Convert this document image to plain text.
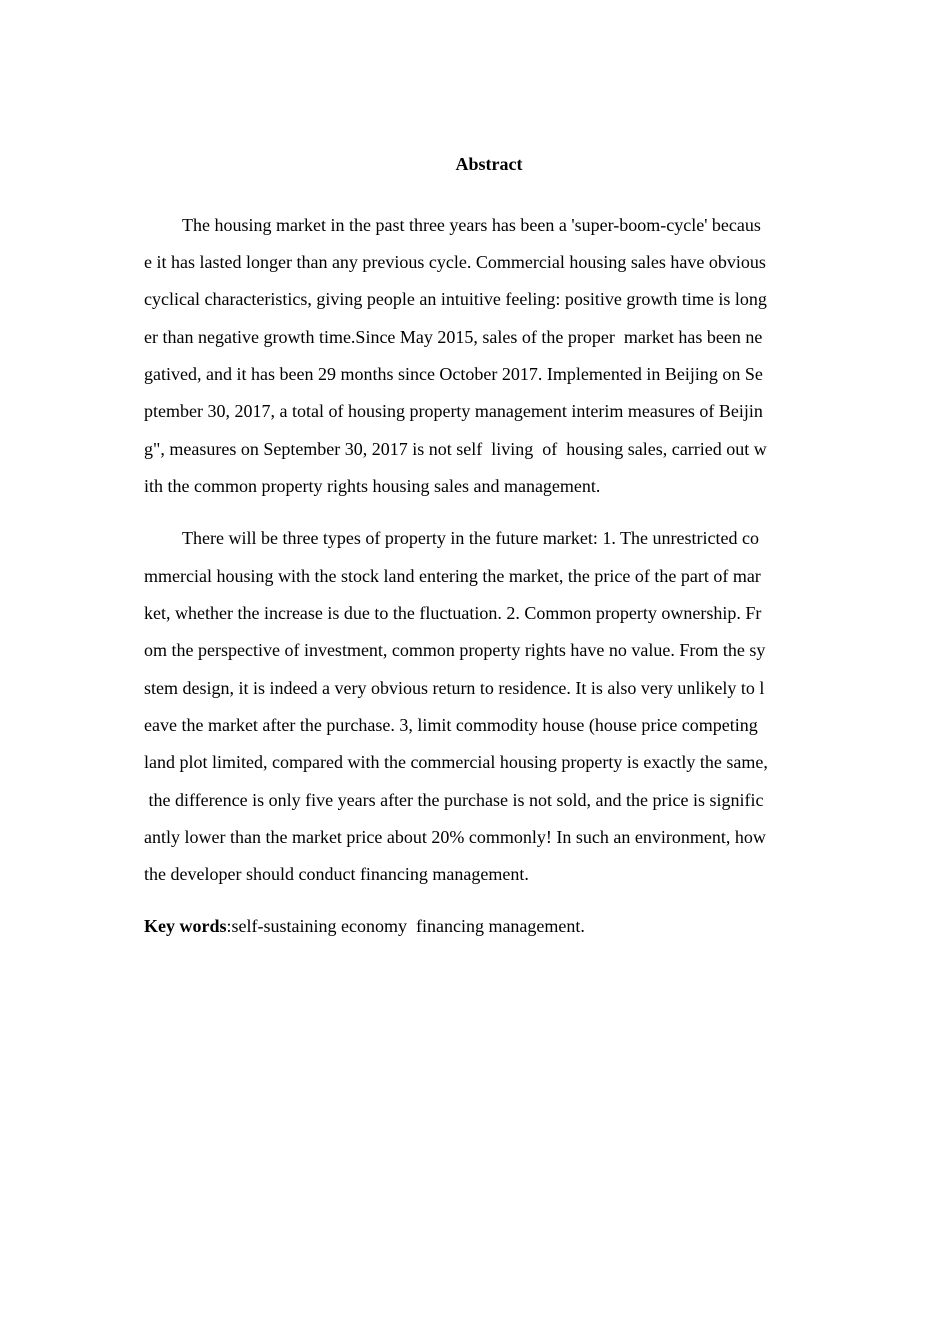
Abstract
The housing market in the past three years has been a 'super-boom-cycle' becaus
e it has lasted longer than any previous cycle. Commercial housing sales have obvious
cyclical characteristics, giving people an intuitive feeling: positive growth time is long
er than negative growth time.Since May 2015, sales of the proper  market has been ne
gatived, and it has been 29 months since October 2017. Implemented in Beijing on Se
ptember 30, 2017, a total of housing property management interim measures of Beijin
g", measures on September 30, 2017 is not self  living  of  housing sales, carried out w
ith the common property rights housing sales and management.
There will be three types of property in the future market: 1. The unrestricted co
mmercial housing with the stock land entering the market, the price of the part of mar
ket, whether the increase is due to the fluctuation. 2. Common property ownership. Fr
om the perspective of investment, common property rights have no value. From the sy
stem design, it is indeed a very obvious return to residence. It is also very unlikely to l
eave the market after the purchase. 3, limit commodity house (house price competing
land plot limited, compared with the commercial housing property is exactly the same,
the difference is only five years after the purchase is not sold, and the price is signific
antly lower than the market price about 20% commonly! In such an environment, how
the developer should conduct financing management.
Key words:self-sustaining economy  financing management.
